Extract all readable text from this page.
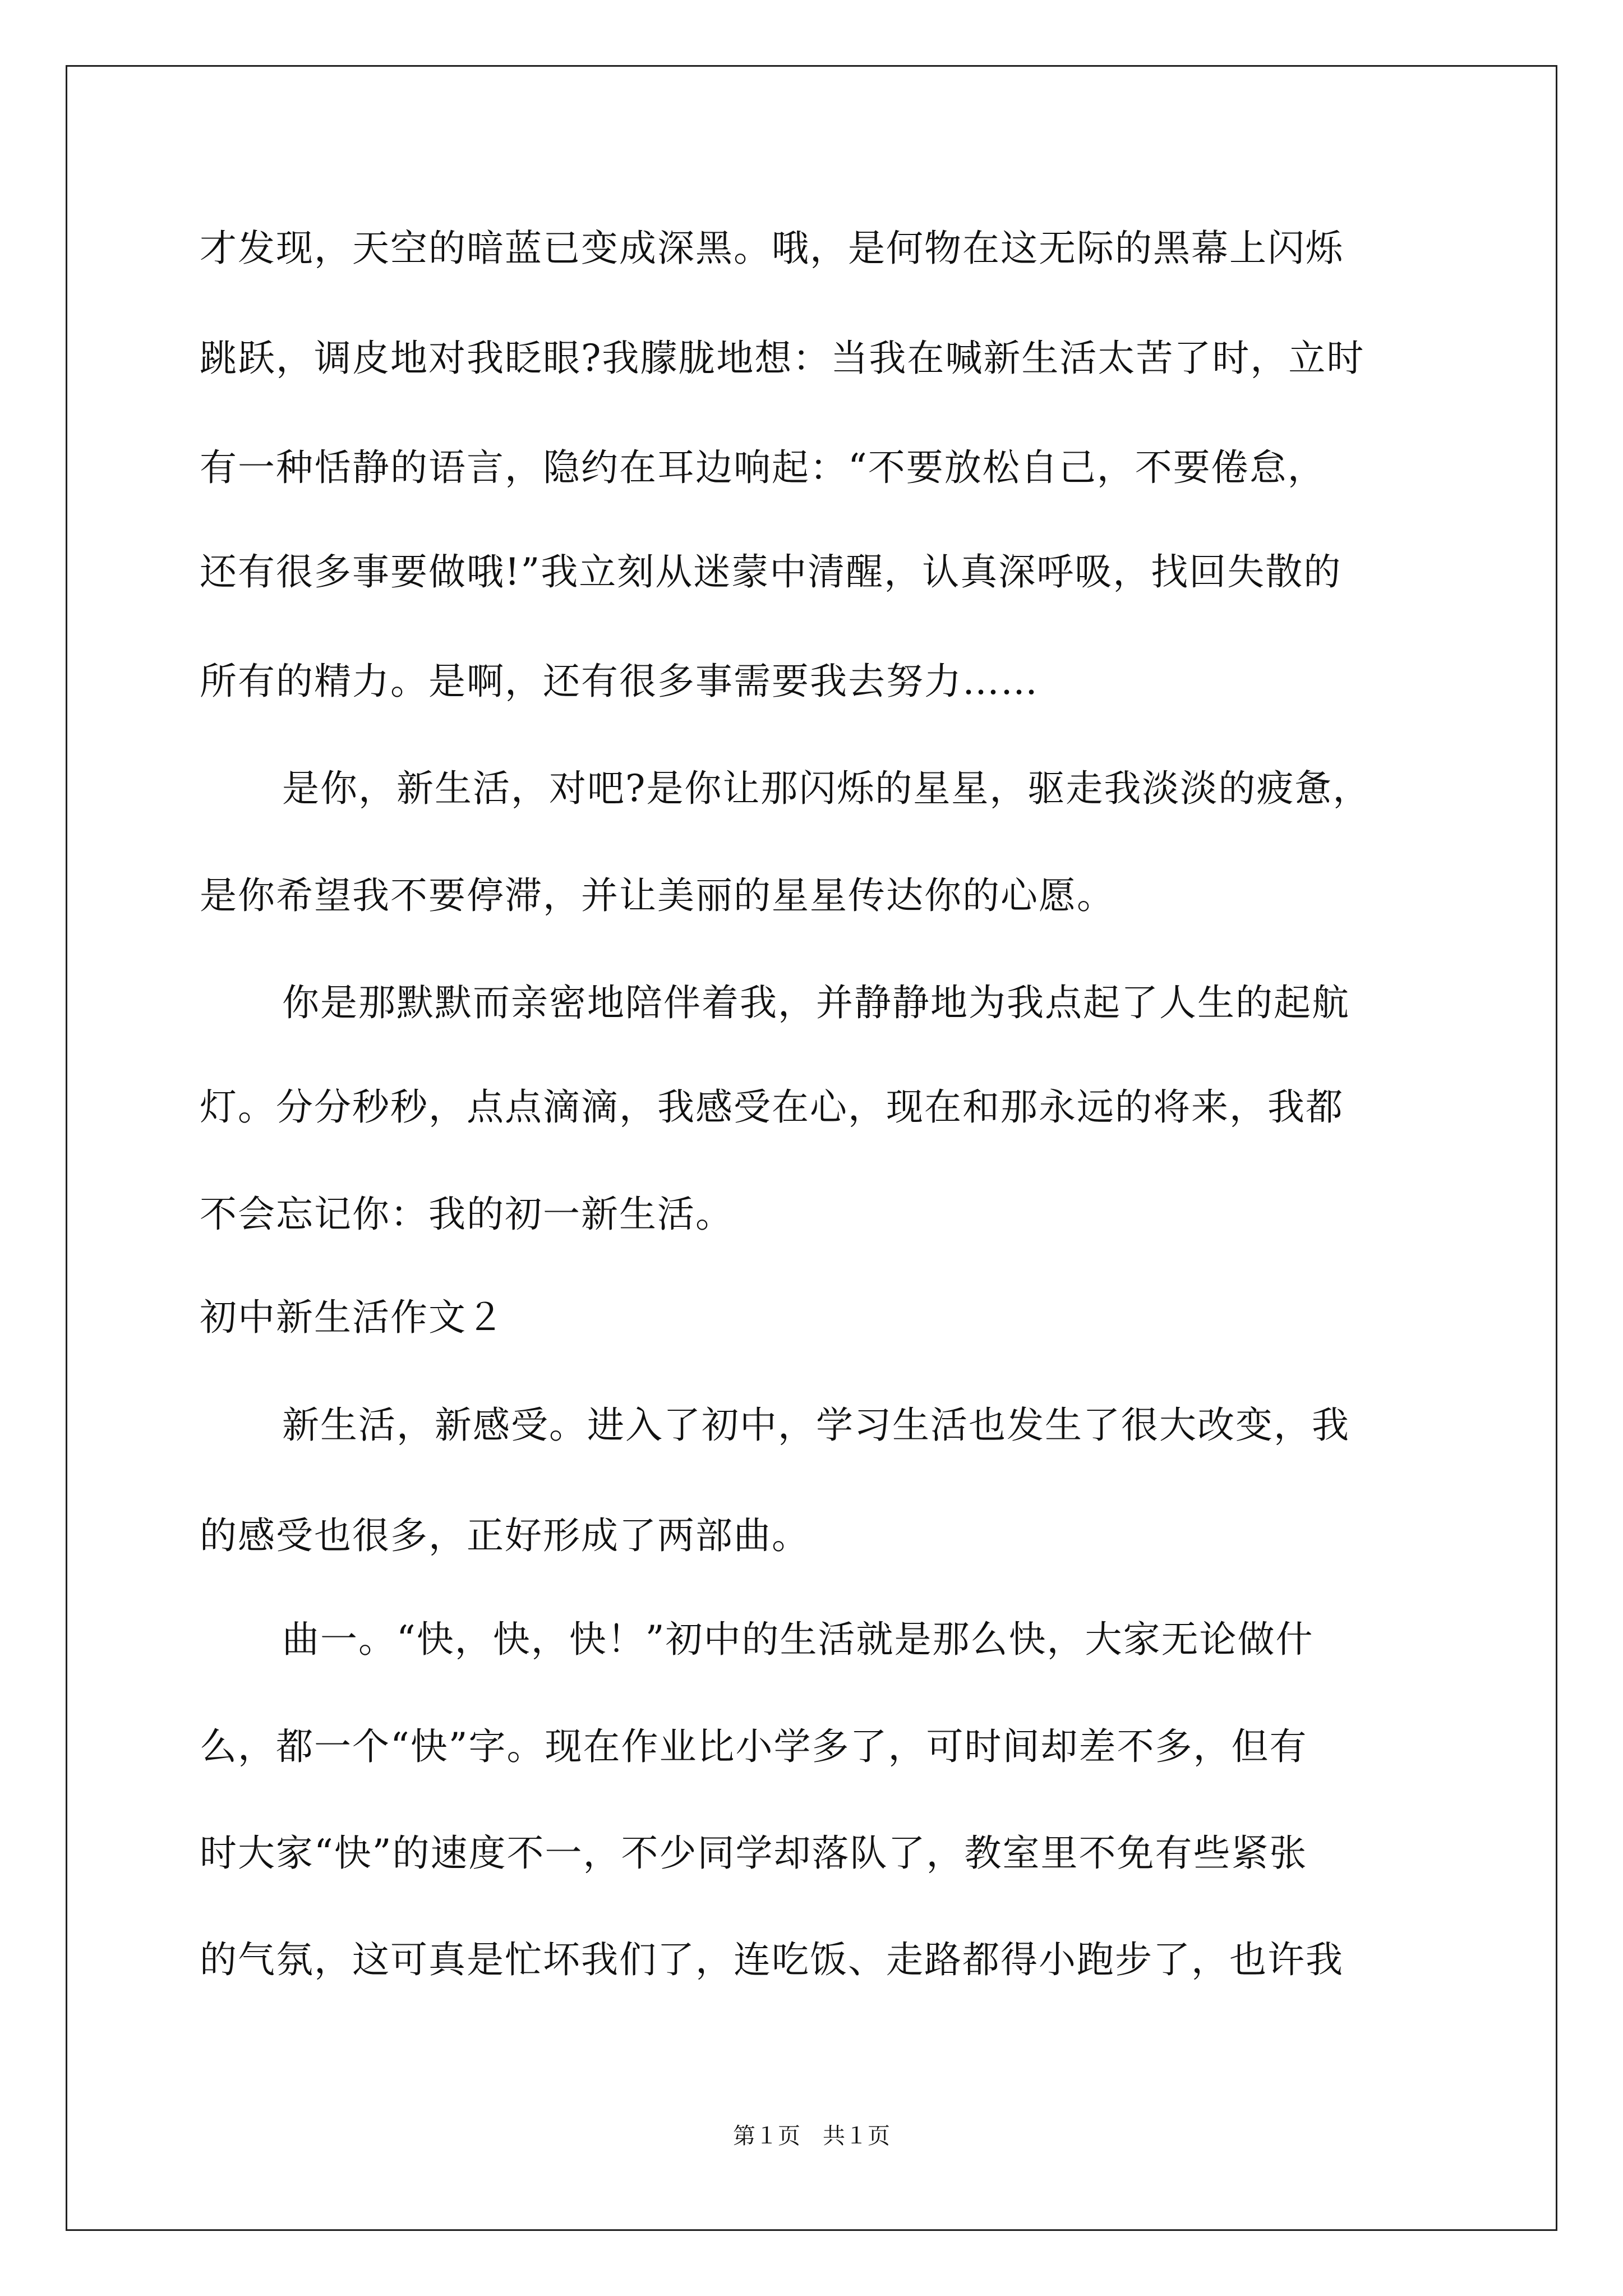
才发现，天空的暗蓝已变成深黑。哦，是何物在这无际的黑幕上闪烁
跳跃，调皮地对我眨眼?我朦胧地想：当我在喊新生活太苦了时，立时
有一种恬静的语言，隐约在耳边响起：“不要放松自己，不要倦怠，
还有很多事要做哦!”我立刻从迷蒙中清醒，认真深呼吸，找回失散的
所有的精力。是啊，还有很多事需要我去努力……
是你，新生活，对吧?是你让那闪烁的星星，驱走我淡淡的疲惫，
是你希望我不要停滞，并让美丽的星星传达你的心愿。
你是那默默而亲密地陪伴着我，并静静地为我点起了人生的起航
灯。分分秒秒，点点滴滴，我感受在心，现在和那永远的将来，我都
不会忘记你：我的初一新生活。
初中新生活作文２
新生活，新感受。进入了初中，学习生活也发生了很大改变，我
的感受也很多，正好形成了两部曲。
曲一。“快，快，快！”初中的生活就是那么快，大家无论做什
么，都一个“快”字。现在作业比小学多了，可时间却差不多，但有
时大家“快”的速度不一，不少同学却落队了，教室里不免有些紧张
的气氛，这可真是忙坏我们了，连吃饭、走路都得小跑步了，也许我
第１页　共１页
